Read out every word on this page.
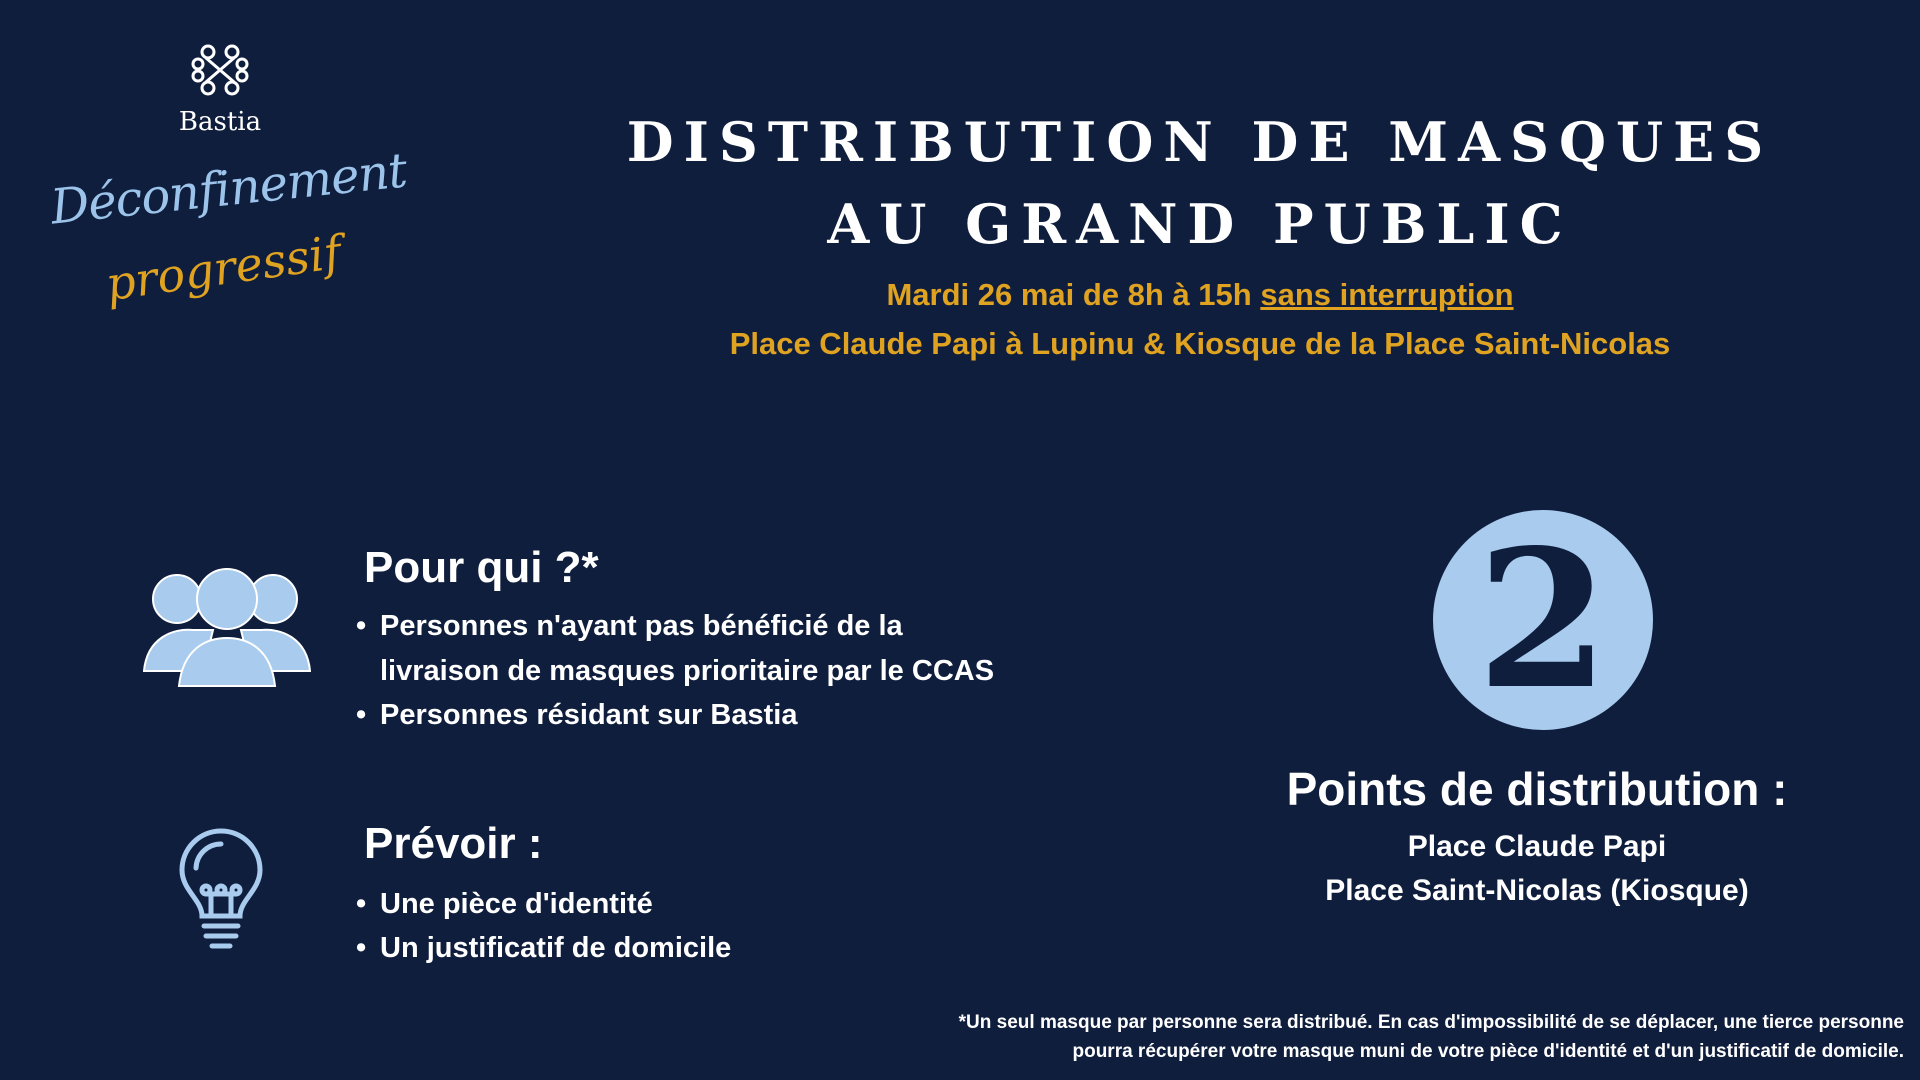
Bastia
Déconfinement
progressif
DISTRIBUTION DE MASQUES
AU GRAND PUBLIC
Mardi 26 mai de 8h à 15h sans interruption
Place Claude Papi à Lupinu & Kiosque de la Place Saint-Nicolas
Pour qui ?*
• Personnes n'ayant pas bénéficié de la
livraison de masques prioritaire par le CCAS
• Personnes résidant sur Bastia
Prévoir :
• Une pièce d'identité
• Un justificatif de domicile
2
Points de distribution :
Place Claude Papi
Place Saint-Nicolas (Kiosque)
*Un seul masque par personne sera distribué. En cas d'impossibilité de se déplacer, une tierce personne
pourra récupérer votre masque muni de votre pièce d'identité et d'un justificatif de domicile.
